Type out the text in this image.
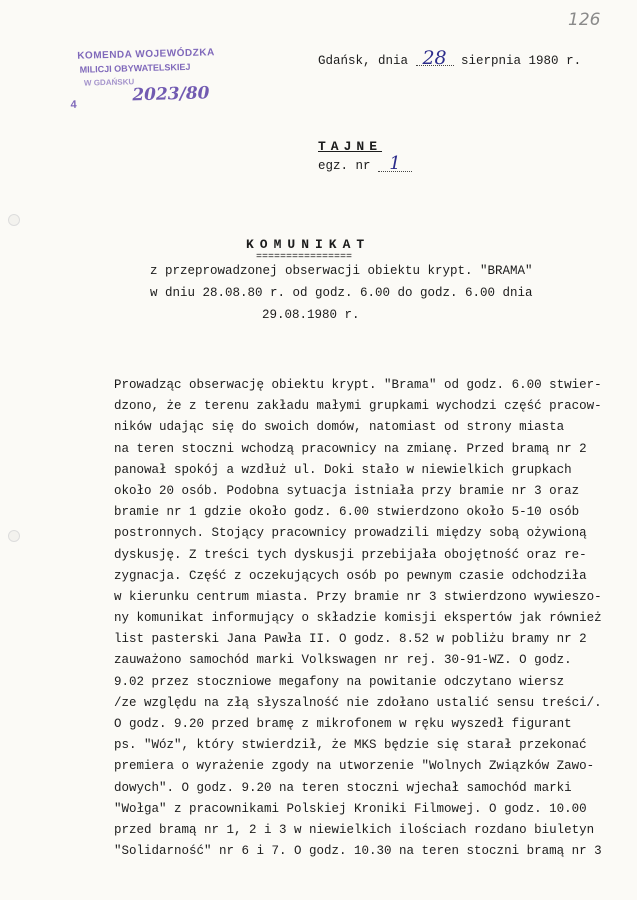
126
KOMENDA WOJEWÓDZKA
MILICJI OBYWATELSKIEJ
W GDAŃSKU
4	2023/80
Gdańsk, dnia 28 sierpnia 1980 r.
TAJNE
egz. nr 1
KOMUNIKAT
================
z przeprowadzonej obserwacji obiektu krypt. "BRAMA"
w dniu 28.08.80 r. od godz. 6.00 do godz. 6.00 dnia
29.08.1980 r.
Prowadząc obserwację obiektu krypt. "Brama" od godz. 6.00 stwier-
dzono, że z terenu zakładu małymi grupkami wychodzi część pracow-
ników udając się do swoich domów, natomiast od strony miasta
na teren stoczni wchodzą pracownicy na zmianę. Przed bramą nr 2
panował spokój a wzdłuż ul. Doki stało w niewielkich grupkach
około 20 osób. Podobna sytuacja istniała przy bramie nr 3 oraz
bramie nr 1 gdzie około godz. 6.00 stwierdzono około 5-10 osób
postronnych. Stojący pracownicy prowadzili między sobą ożywioną
dyskusję. Z treści tych dyskusji przebijała obojętność oraz re-
zygnacja. Część z oczekujących osób po pewnym czasie odchodziła
w kierunku centrum miasta. Przy bramie nr 3 stwierdzono wywieszo-
ny komunikat informujący o składzie komisji ekspertów jak również
list pasterski Jana Pawła II. O godz. 8.52 w pobliżu bramy nr 2
zauważono samochód marki Volkswagen nr rej. 30-91-WZ. O godz.
9.02 przez stoczniowe megafony na powitanie odczytano wiersz
/ze względu na złą słyszalność nie zdołano ustalić sensu treści/.
O godz. 9.20 przed bramę z mikrofonem w ręku wyszedł figurant
ps. "Wóz", który stwierdził, że MKS będzie się starał przekonać
premiera o wyrażenie zgody na utworzenie "Wolnych Związków Zawo-
dowych". O godz. 9.20 na teren stoczni wjechał samochód marki
"Wołga" z pracownikami Polskiej Kroniki Filmowej. O godz. 10.00
przed bramą nr 1, 2 i 3 w niewielkich ilościach rozdano biuletyn
"Solidarność" nr 6 i 7. O godz. 10.30 na teren stoczni bramą nr 3
